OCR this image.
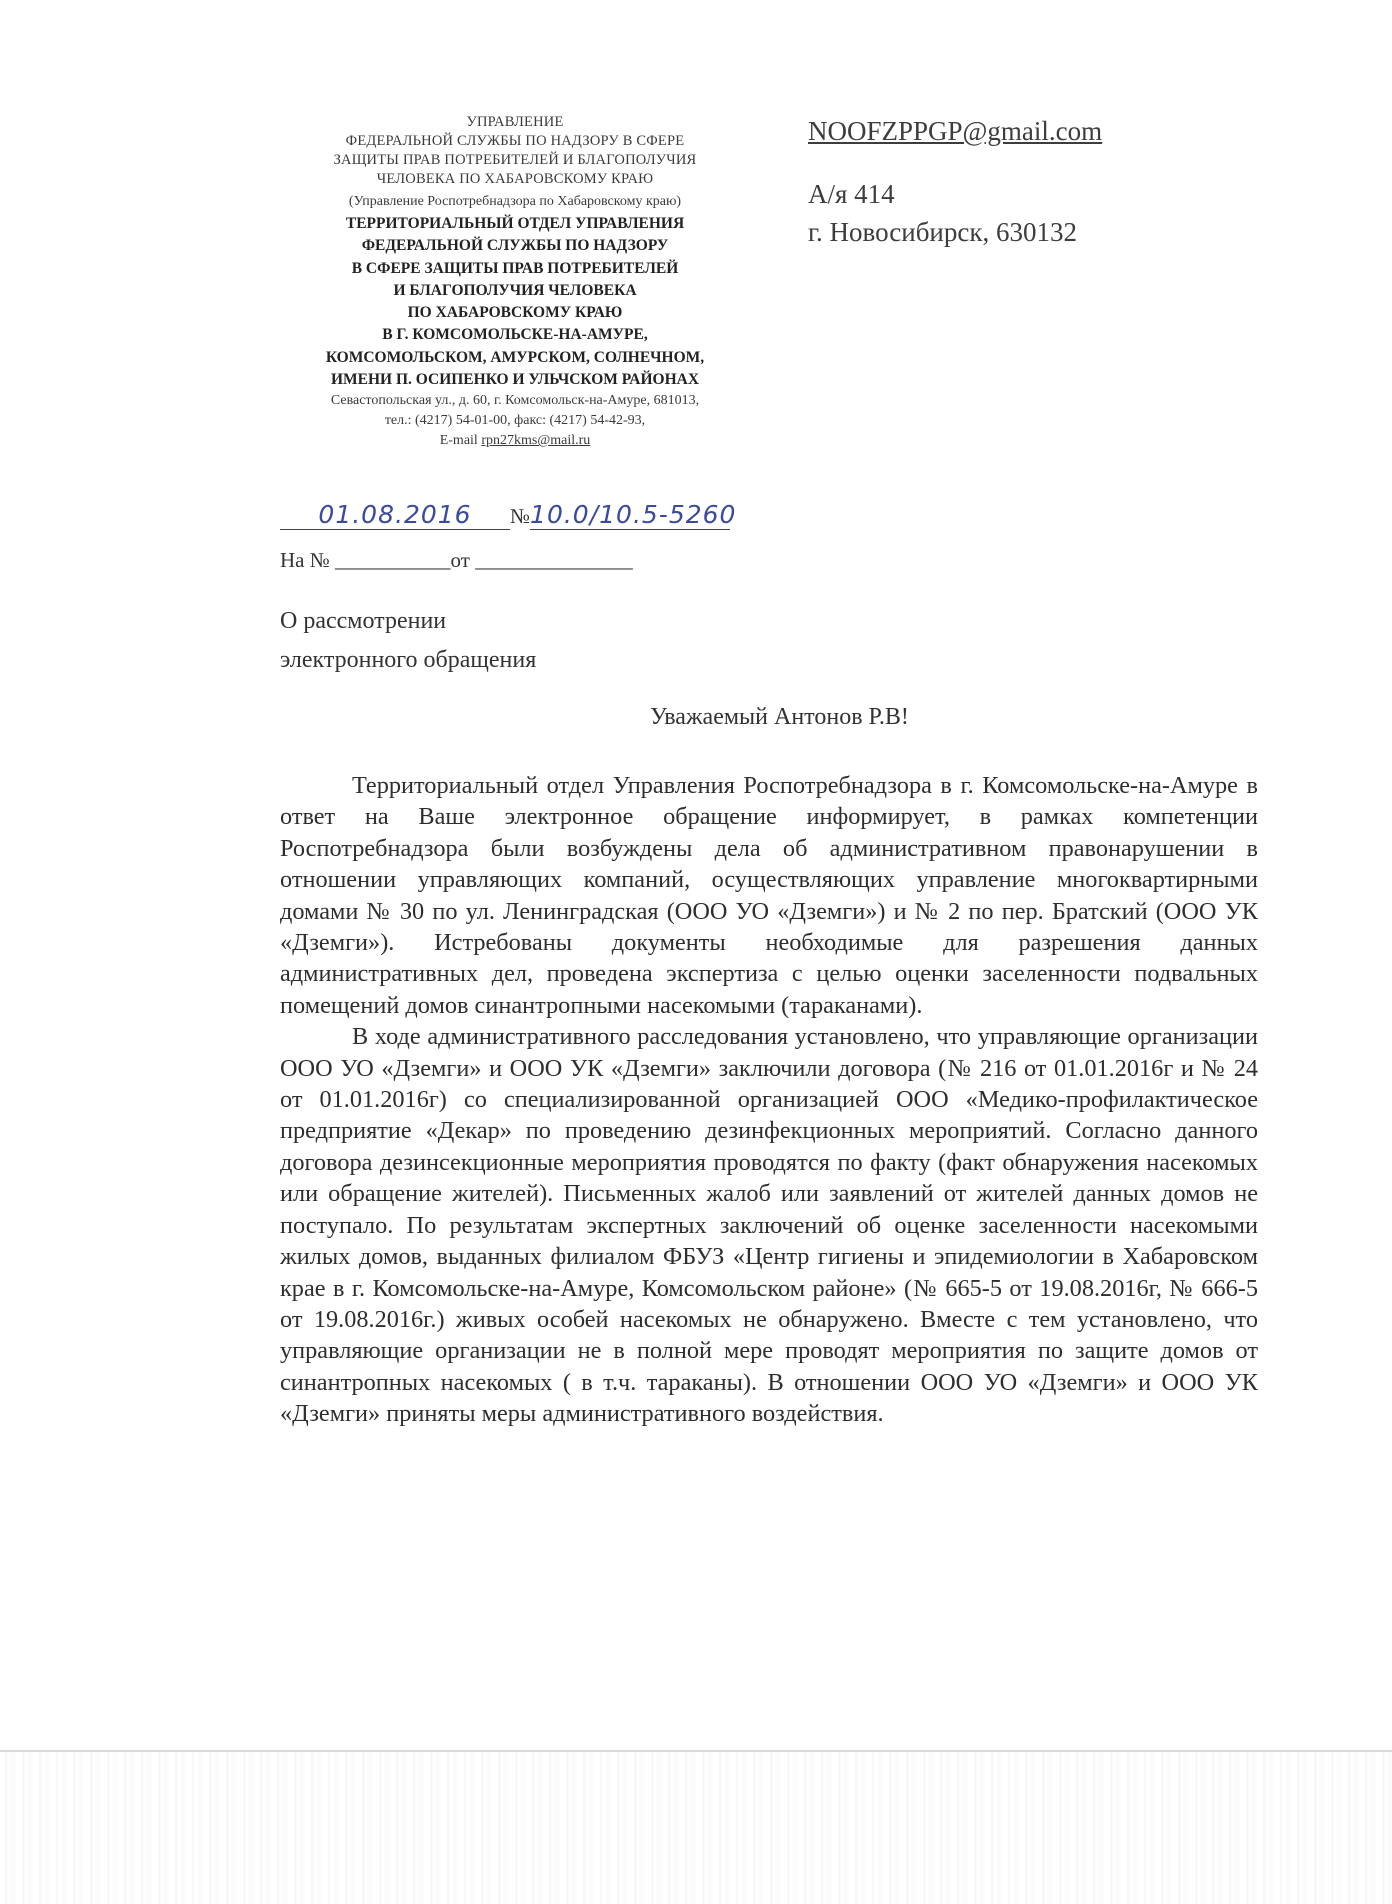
УПРАВЛЕНИЕ
ФЕДЕРАЛЬНОЙ СЛУЖБЫ ПО НАДЗОРУ В СФЕРЕ
ЗАЩИТЫ ПРАВ ПОТРЕБИТЕЛЕЙ И БЛАГОПОЛУЧИЯ
ЧЕЛОВЕКА ПО ХАБАРОВСКОМУ КРАЮ
(Управление Роспотребнадзора по Хабаровскому краю)
ТЕРРИТОРИАЛЬНЫЙ ОТДЕЛ УПРАВЛЕНИЯ
ФЕДЕРАЛЬНОЙ СЛУЖБЫ ПО НАДЗОРУ
В СФЕРЕ ЗАЩИТЫ ПРАВ ПОТРЕБИТЕЛЕЙ
И БЛАГОПОЛУЧИЯ ЧЕЛОВЕКА
ПО ХАБАРОВСКОМУ КРАЮ
В Г. КОМСОМОЛЬСКЕ-НА-АМУРЕ,
КОМСОМОЛЬСКОМ, АМУРСКОМ, СОЛНЕЧНОМ,
ИМЕНИ П. ОСИПЕНКО И УЛЬЧСКОМ РАЙОНАХ
Севастопольская ул., д. 60, г. Комсомольск-на-Амуре, 681013,
тел.: (4217) 54-01-00, факс: (4217) 54-42-93,
E-mail rpn27kms@mail.ru
NOOFZPPGP@gmail.com
А/я 414
г. Новосибирск, 630132
01.08.2016 №10.0/10.5-5260
На № ___________от _______________
О рассмотрении
электронного обращения
Уважаемый Антонов Р.В!

Территориальный отдел Управления Роспотребнадзора в г. Комсомольске-на-Амуре в ответ на Ваше электронное обращение информирует, в рамках компетенции Роспотребнадзора были возбуждены дела об административном правонарушении в отношении управляющих компаний, осуществляющих управление многоквартирными домами № 30 по ул. Ленинградская (ООО УО «Дземги») и № 2 по пер. Братский (ООО УК «Дземги»). Истребованы документы необходимые для разрешения данных административных дел, проведена экспертиза с целью оценки заселенности подвальных помещений домов синантропными насекомыми (тараканами).

В ходе административного расследования установлено, что управляющие организации ООО УО «Дземги» и ООО УК «Дземги» заключили договора (№ 216 от 01.01.2016г и № 24 от 01.01.2016г) со специализированной организацией ООО «Медико-профилактическое предприятие «Декар» по проведению дезинфекционных мероприятий. Согласно данного договора дезинсекционные мероприятия проводятся по факту (факт обнаружения насекомых или обращение жителей). Письменных жалоб или заявлений от жителей данных домов не поступало. По результатам экспертных заключений об оценке заселенности насекомыми жилых домов, выданных филиалом ФБУЗ «Центр гигиены и эпидемиологии в Хабаровском крае в г. Комсомольске-на-Амуре, Комсомольском районе» (№ 665-5 от 19.08.2016г, № 666-5 от 19.08.2016г.) живых особей насекомых не обнаружено. Вместе с тем установлено, что управляющие организации не в полной мере проводят мероприятия по защите домов от синантропных насекомых ( в т.ч. тараканы). В отношении ООО УО «Дземги» и ООО УК «Дземги» приняты меры административного воздействия.
